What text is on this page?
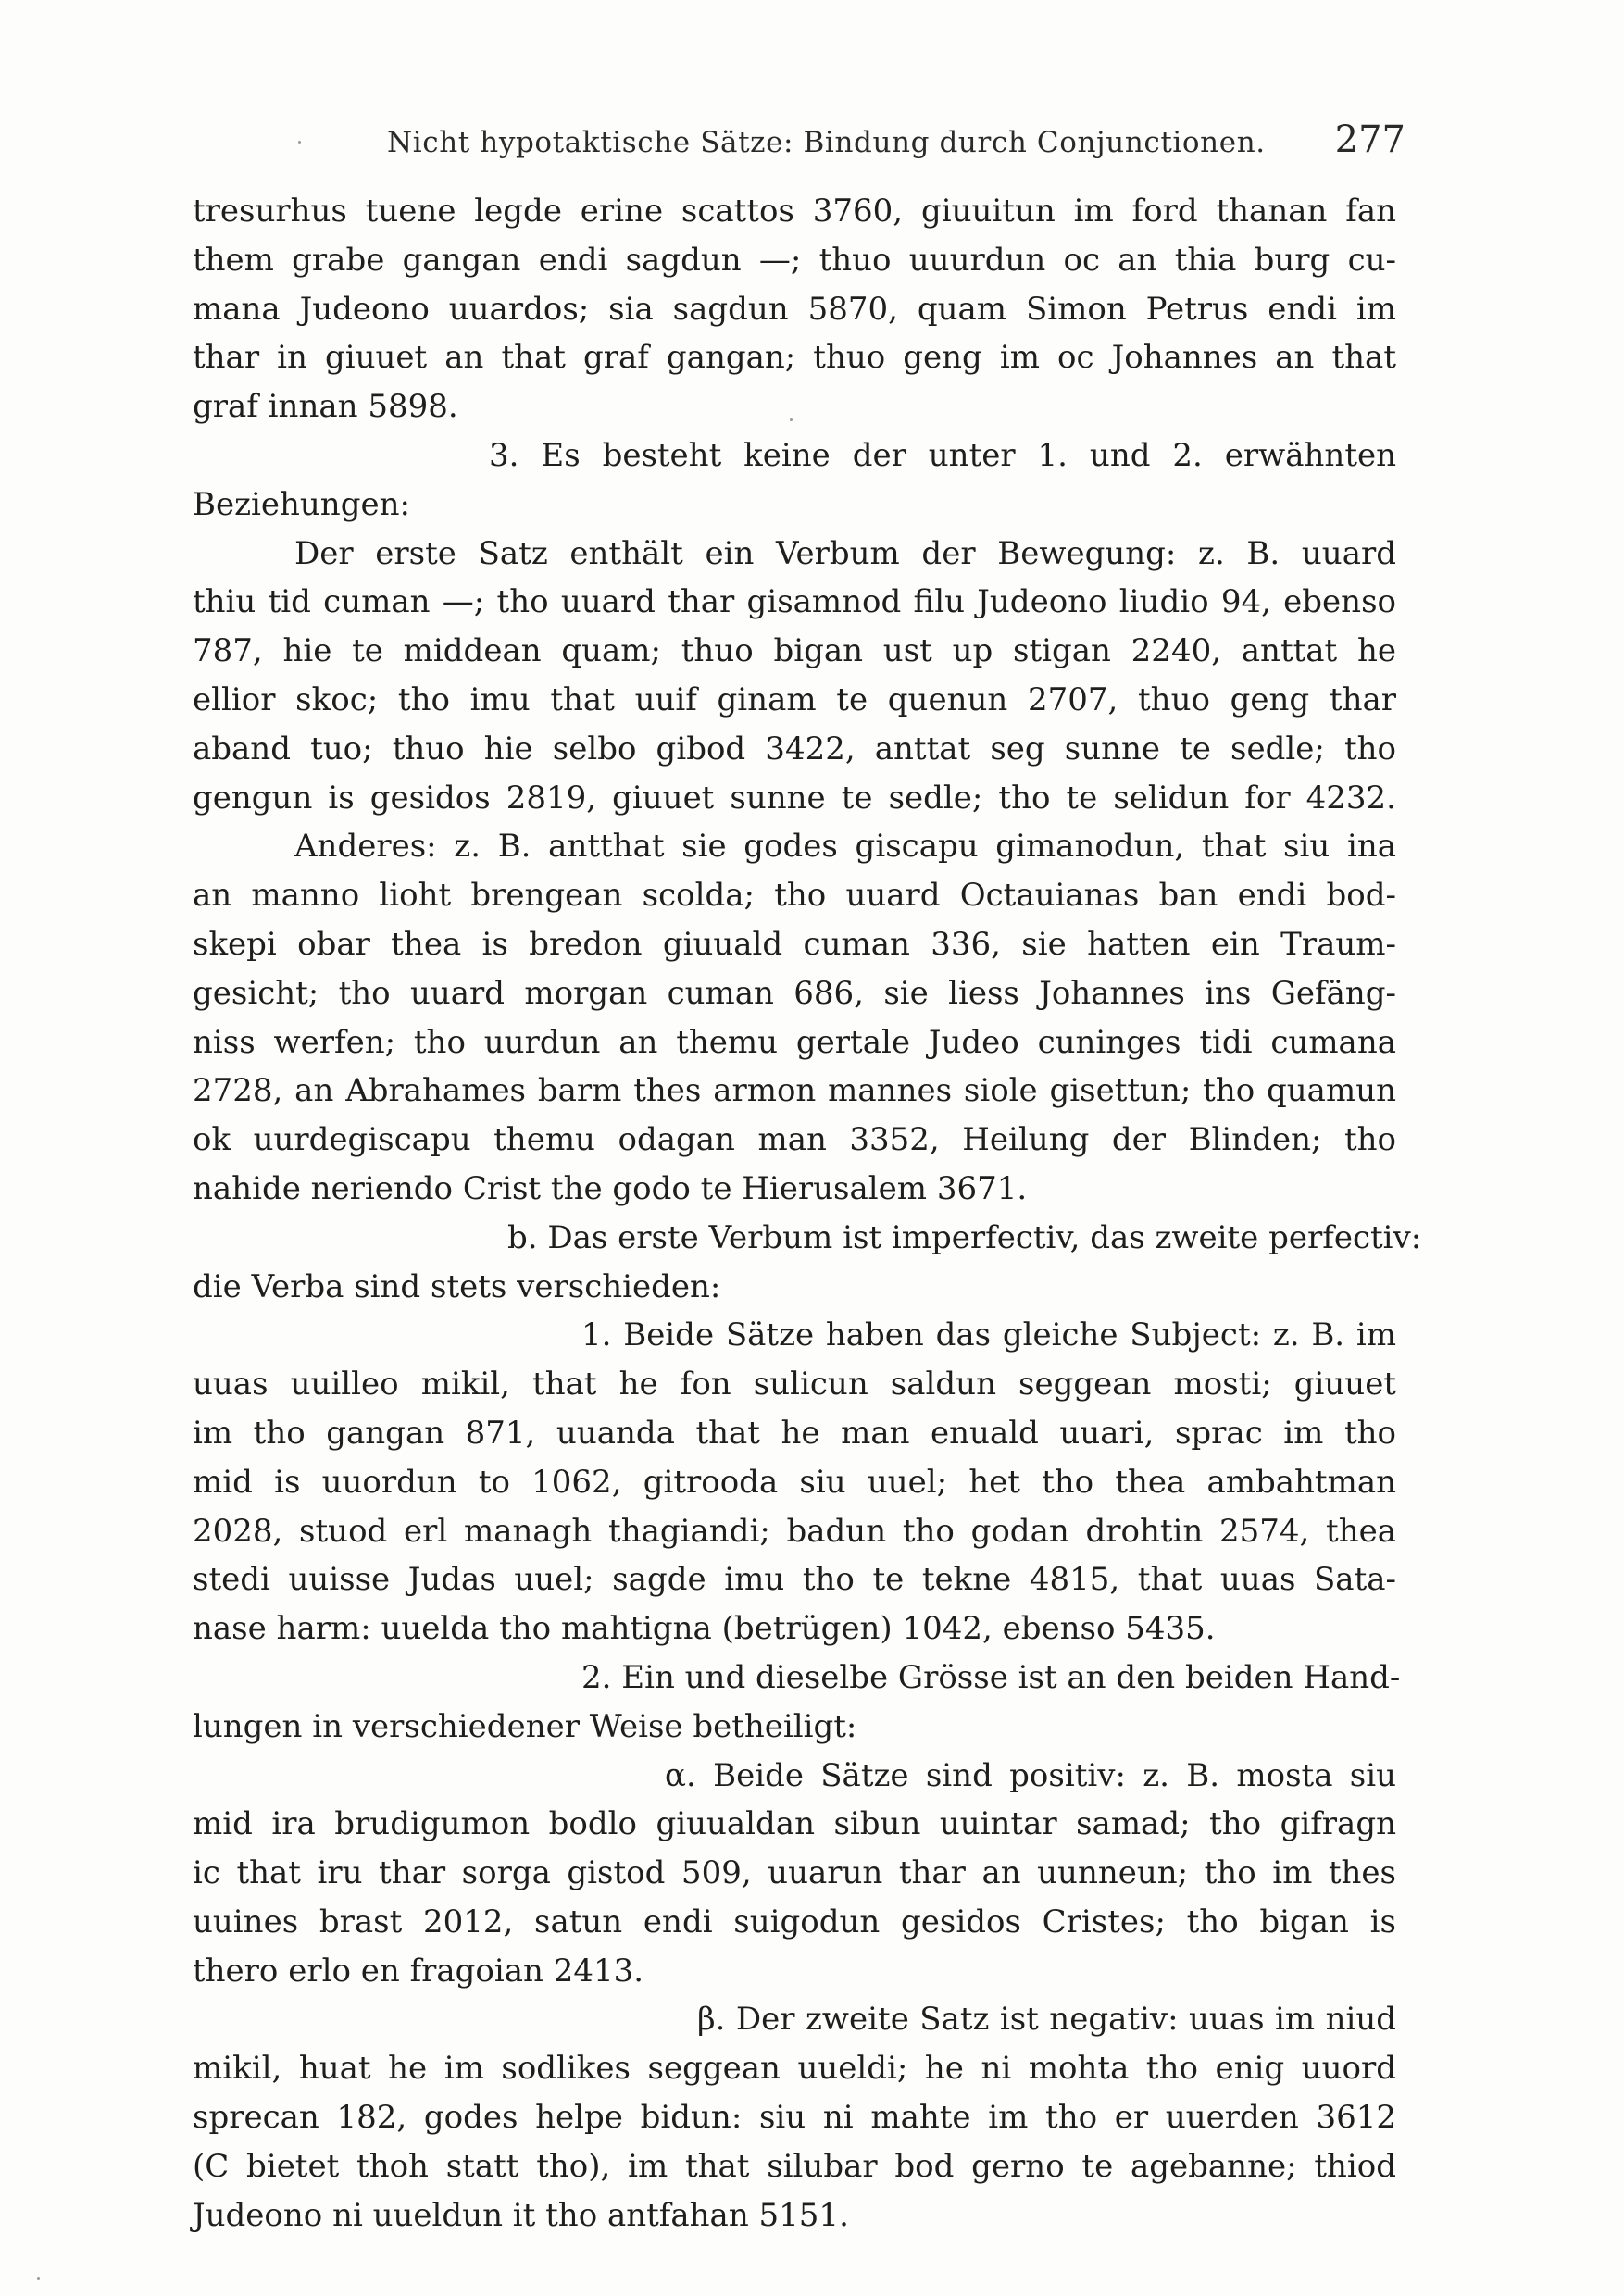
Nicht hypotaktische Sätze: Bindung durch Conjunctionen. 277
tresurhus tuene legde erine scattos 3760, giuuitun im ford thanan fan
them grabe gangan endi sagdun —; thuo uuurdun oc an thia burg cu-
mana Judeono uuardos; sia sagdun 5870, quam Simon Petrus endi im
thar in giuuet an that graf gangan; thuo geng im oc Johannes an that
graf innan 5898.
3. Es besteht keine der unter 1. und 2. erwähnten
Beziehungen:
Der erste Satz enthält ein Verbum der Bewegung: z. B. uuard
thiu tid cuman —; tho uuard thar gisamnod filu Judeono liudio 94, ebenso
787, hie te middean quam; thuo bigan ust up stigan 2240, anttat he
ellior skoc; tho imu that uuif ginam te quenun 2707, thuo geng thar
aband tuo; thuo hie selbo gibod 3422, anttat seg sunne te sedle; tho
gengun is gesidos 2819, giuuet sunne te sedle; tho te selidun for 4232.
Anderes: z. B. antthat sie godes giscapu gimanodun, that siu ina
an manno lioht brengean scolda; tho uuard Octauianas ban endi bod-
skepi obar thea is bredon giuuald cuman 336, sie hatten ein Traum-
gesicht; tho uuard morgan cuman 686, sie liess Johannes ins Gefäng-
niss werfen; tho uurdun an themu gertale Judeo cuninges tidi cumana
2728, an Abrahames barm thes armon mannes siole gisettun; tho quamun
ok uurdegiscapu themu odagan man 3352, Heilung der Blinden; tho
nahide neriendo Crist the godo te Hierusalem 3671.
b. Das erste Verbum ist imperfectiv, das zweite perfectiv:
die Verba sind stets verschieden:
1. Beide Sätze haben das gleiche Subject: z. B. im
uuas uuilleo mikil, that he fon sulicun saldun seggean mosti; giuuet
im tho gangan 871, uuanda that he man enuald uuari, sprac im tho
mid is uuordun to 1062, gitrooda siu uuel; het tho thea ambahtman
2028, stuod erl managh thagiandi; badun tho godan drohtin 2574, thea
stedi uuisse Judas uuel; sagde imu tho te tekne 4815, that uuas Sata-
nase harm: uuelda tho mahtigna (betrügen) 1042, ebenso 5435.
2. Ein und dieselbe Grösse ist an den beiden Hand-
lungen in verschiedener Weise betheiligt:
α. Beide Sätze sind positiv: z. B. mosta siu
mid ira brudigumon bodlo giuualdan sibun uuintar samad; tho gifragn
ic that iru thar sorga gistod 509, uuarun thar an uunneun; tho im thes
uuines brast 2012, satun endi suigodun gesidos Cristes; tho bigan is
thero erlo en fragoian 2413.
β. Der zweite Satz ist negativ: uuas im niud
mikil, huat he im sodlikes seggean uueldi; he ni mohta tho enig uuord
sprecan 182, godes helpe bidun: siu ni mahte im tho er uuerden 3612
(C bietet thoh statt tho), im that silubar bod gerno te agebanne; thiod
Judeono ni uueldun it tho antfahan 5151.
